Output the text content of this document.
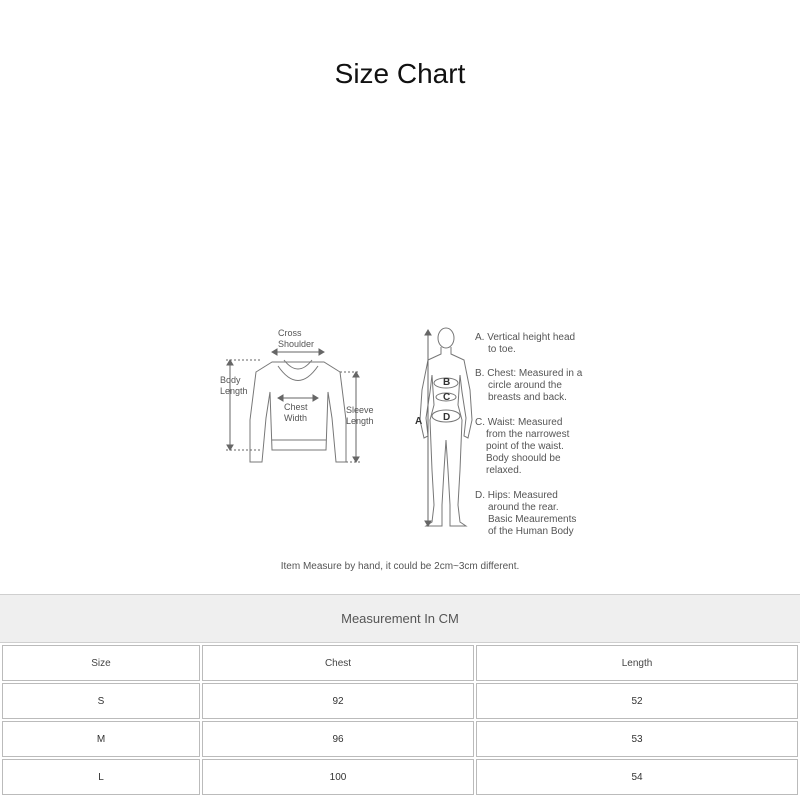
Size Chart
Cross
Shoulder
Body
Length
Chest
Width
Sleeve
Length	A
B
C
D
A. Vertical height head
to toe.
B. Chest: Measured in a
circle around the
breasts and back.
C. Waist: Measured
from the narrowest
point of the waist.
Body shoould be
relaxed.
D. Hips: Measured
around the rear.
Basic Meaurements
of the Human Body
Item Measure by hand, it could be 2cm~3cm different.
Measurement In CM
Size	Chest	Length
S	92	52
M	96	53
L	100	54
